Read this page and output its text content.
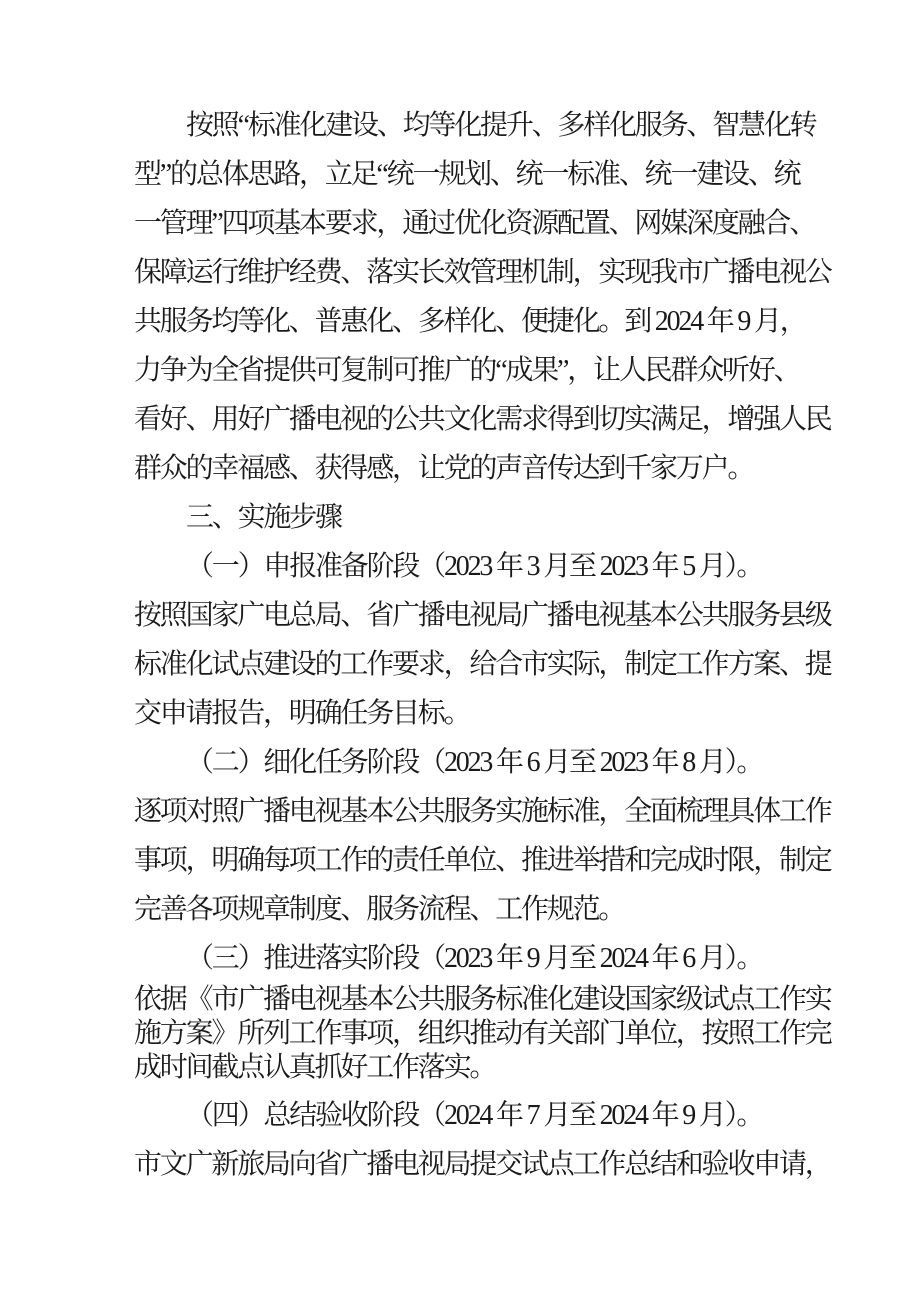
按照“标准化建设、均等化提升、多样化服务、智慧化转
型”的总体思路，立足“统一规划、统一标准、统一建设、统
一管理”四项基本要求，通过优化资源配置、网媒深度融合、
保障运行维护经费、落实长效管理机制，实现我市广播电视公
共服务均等化、普惠化、多样化、便捷化。到 2024 年 9 月，
力争为全省提供可复制可推广的“成果”，让人民群众听好、
看好、用好广播电视的公共文化需求得到切实满足，增强人民
群众的幸福感、获得感，让党的声音传达到千家万户。
三、实施步骤
（一）申报准备阶段（2023 年 3 月至 2023 年 5 月）。
按照国家广电总局、省广播电视局广播电视基本公共服务县级
标准化试点建设的工作要求，给合市实际，制定工作方案、提
交申请报告，明确任务目标。
（二）细化任务阶段（2023 年 6 月至 2023 年 8 月）。
逐项对照广播电视基本公共服务实施标准，全面梳理具体工作
事项，明确每项工作的责任单位、推进举措和完成时限，制定
完善各项规章制度、服务流程、工作规范。
（三）推进落实阶段（2023 年 9 月至 2024 年 6 月）。
依据《市广播电视基本公共服务标准化建设国家级试点工作实
施方案》所列工作事项，组织推动有关部门单位，按照工作完
成时间截点认真抓好工作落实。
（四）总结验收阶段（2024 年 7 月至 2024 年 9 月）。
市文广新旅局向省广播电视局提交试点工作总结和验收申请，
